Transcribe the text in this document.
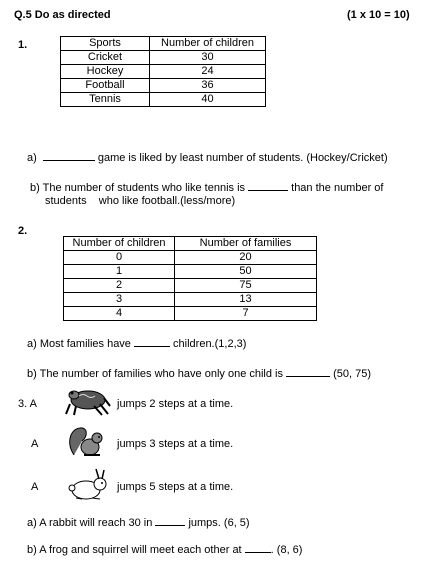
Q.5 Do as directed	(1 x 10 = 10)
1.	Sports	Number of children
Cricket	30
Hockey	24
Football	36
Tennis	40
a)	game is liked by least number of students. (Hockey/Cricket)
b) The number of students who like tennis is	than the number of
students    who like football.(less/more)
2.
Number of children	Number of families
0	20
1	50
2	75
3	13
4	7
a) Most families have	children.(1,2,3)
b) The number of families who have only one child is	(50, 75)
3. A	jumps 2 steps at a time.
A	jumps 3 steps at a time.
A	jumps 5 steps at a time.
a) A rabbit will reach 30 in	jumps. (6, 5)
b) A frog and squirrel will meet each other at . (8, 6)
